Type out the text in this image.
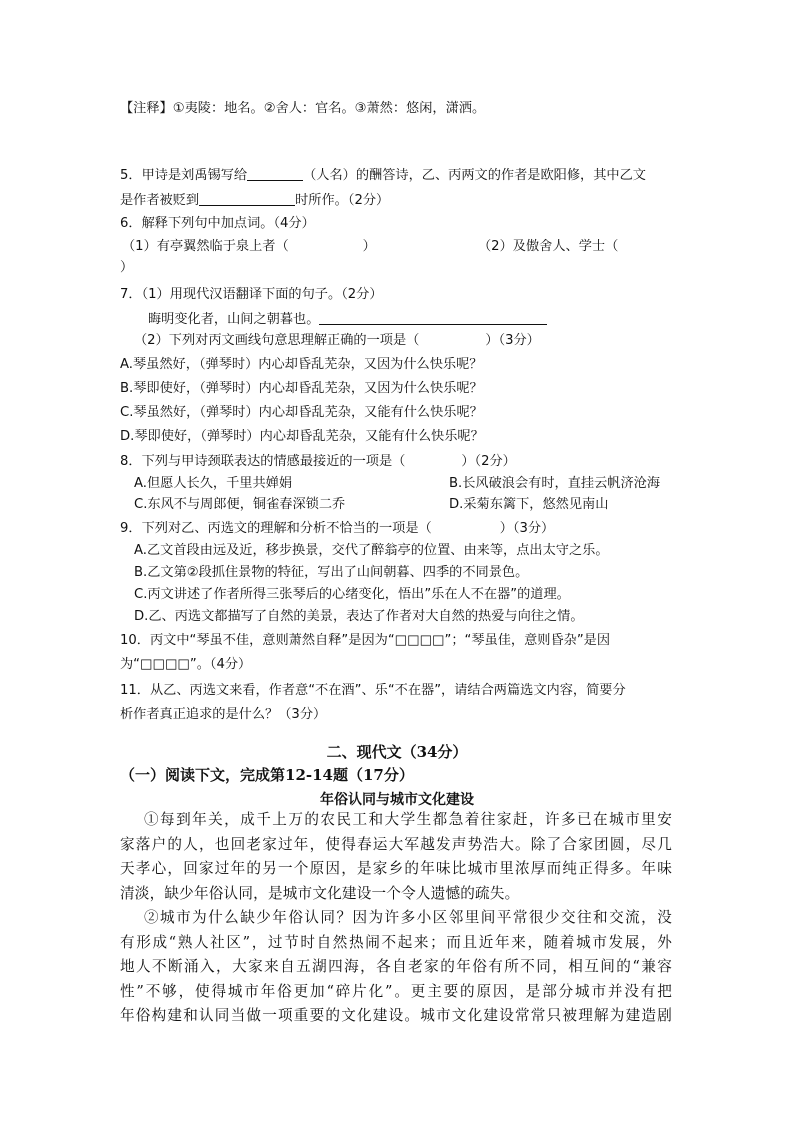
【注释】①夷陵：地名。②舍人：官名。③萧然：悠闲，潇洒。
5．甲诗是刘禹锡写给	（人名）的酬答诗，乙、丙两文的作者是欧阳修，其中乙文
是作者被贬到	时所作。（2分）
6．解释下列句中加点词。（4分）
（1）有亭翼然临于泉上者（	）	（2）及傲舍人、学士（
）
7．（1）用现代汉语翻译下面的句子。（2分）
晦明变化者，山间之朝暮也。
（2）下列对丙文画线句意思理解正确的一项是（	）（3分）
A.琴虽然好，（弹琴时）内心却昏乱芜杂，又因为什么快乐呢？
B.琴即使好，（弹琴时）内心却昏乱芜杂，又因为什么快乐呢？
C.琴虽然好，（弹琴时）内心却昏乱芜杂，又能有什么快乐呢？
D.琴即使好，（弹琴时）内心却昏乱芜杂，又能有什么快乐呢？
8．下列与甲诗颈联表达的情感最接近的一项是（	）（2分）
A.但愿人长久，千里共婵娟	B.长风破浪会有时，直挂云帆济沧海
C.东风不与周郎便，铜雀春深锁二乔	D.采菊东篱下，悠然见南山
9．下列对乙、丙选文的理解和分析不恰当的一项是（	）（3分）
A.乙文首段由远及近，移步换景，交代了醉翁亭的位置、由来等，点出太守之乐。
B.乙文第②段抓住景物的特征，写出了山间朝暮、四季的不同景色。
C.丙文讲述了作者所得三张琴后的心绪变化，悟出”乐在人不在器”的道理。
D.乙、丙选文都描写了自然的美景，表达了作者对大自然的热爱与向往之情。
10．丙文中“琴虽不佳，意则萧然自释”是因为“□□□□”；“琴虽佳，意则昏杂”是因
为“□□□□”。（4分）
11．从乙、丙选文来看，作者意“不在酒”、乐“不在器”，请结合两篇选文内容，简要分
析作者真正追求的是什么？（3分）
二、现代文（34分）
（一）阅读下文，完成第12-14题（17分）
年俗认同与城市文化建设
①每到年关，成千上万的农民工和大学生都急着往家赶，许多已在城市里安
家落户的人，也回老家过年，使得春运大军越发声势浩大。除了合家团圆，尽几
天孝心，回家过年的另一个原因，是家乡的年味比城市里浓厚而纯正得多。年味
清淡，缺少年俗认同，是城市文化建设一个令人遗憾的疏失。
②城市为什么缺少年俗认同？因为许多小区邻里间平常很少交往和交流，没
有形成“熟人社区”，过节时自然热闹不起来；而且近年来，随着城市发展，外
地人不断涌入，大家来自五湖四海，各自老家的年俗有所不同，相互间的“兼容
性”不够，使得城市年俗更加“碎片化”。更主要的原因，是部分城市并没有把
年俗构建和认同当做一项重要的文化建设。城市文化建设常常只被理解为建造剧
